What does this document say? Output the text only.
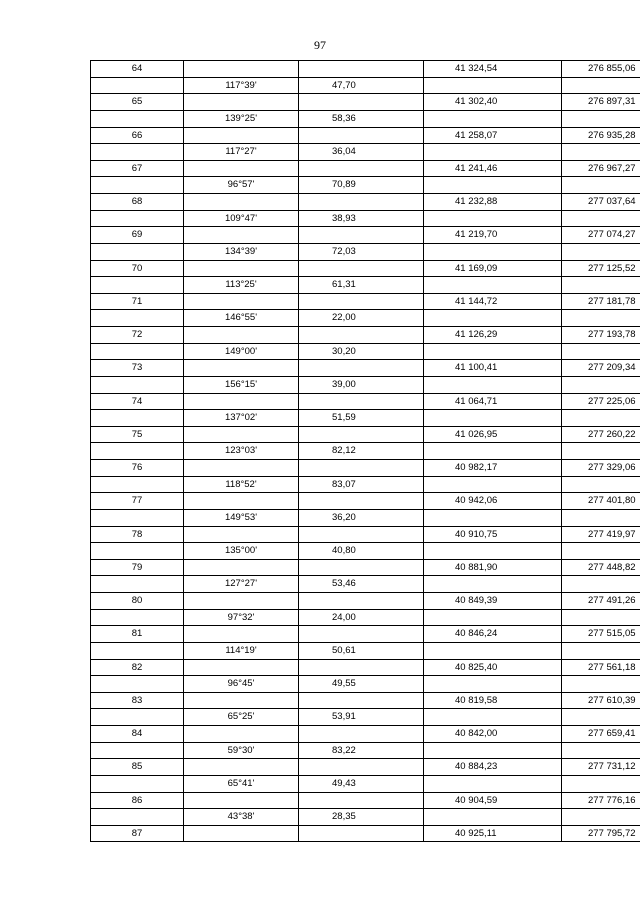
97
64			41 324,54	276 855,06
	117°39'	47,70		
65			41 302,40	276 897,31
	139°25'	58,36		
66			41 258,07	276 935,28
	117°27'	36,04		
67			41 241,46	276 967,27
	96°57'	70,89		
68			41 232,88	277 037,64
	109°47'	38,93		
69			41 219,70	277 074,27
	134°39'	72,03		
70			41 169,09	277 125,52
	113°25'	61,31		
71			41 144,72	277 181,78
	146°55'	22,00		
72			41 126,29	277 193,78
	149°00'	30,20		
73			41 100,41	277 209,34
	156°15'	39,00		
74			41 064,71	277 225,06
	137°02'	51,59		
75			41 026,95	277 260,22
	123°03'	82,12		
76			40 982,17	277 329,06
	118°52'	83,07		
77			40 942,06	277 401,80
	149°53'	36,20		
78			40 910,75	277 419,97
	135°00'	40,80		
79			40 881,90	277 448,82
	127°27'	53,46		
80			40 849,39	277 491,26
	97°32'	24,00		
81			40 846,24	277 515,05
	114°19'	50,61		
82			40 825,40	277 561,18
	96°45'	49,55		
83			40 819,58	277 610,39
	65°25'	53,91		
84			40 842,00	277 659,41
	59°30'	83,22		
85			40 884,23	277 731,12
	65°41'	49,43		
86			40 904,59	277 776,16
	43°38'	28,35		
87			40 925,11	277 795,72
